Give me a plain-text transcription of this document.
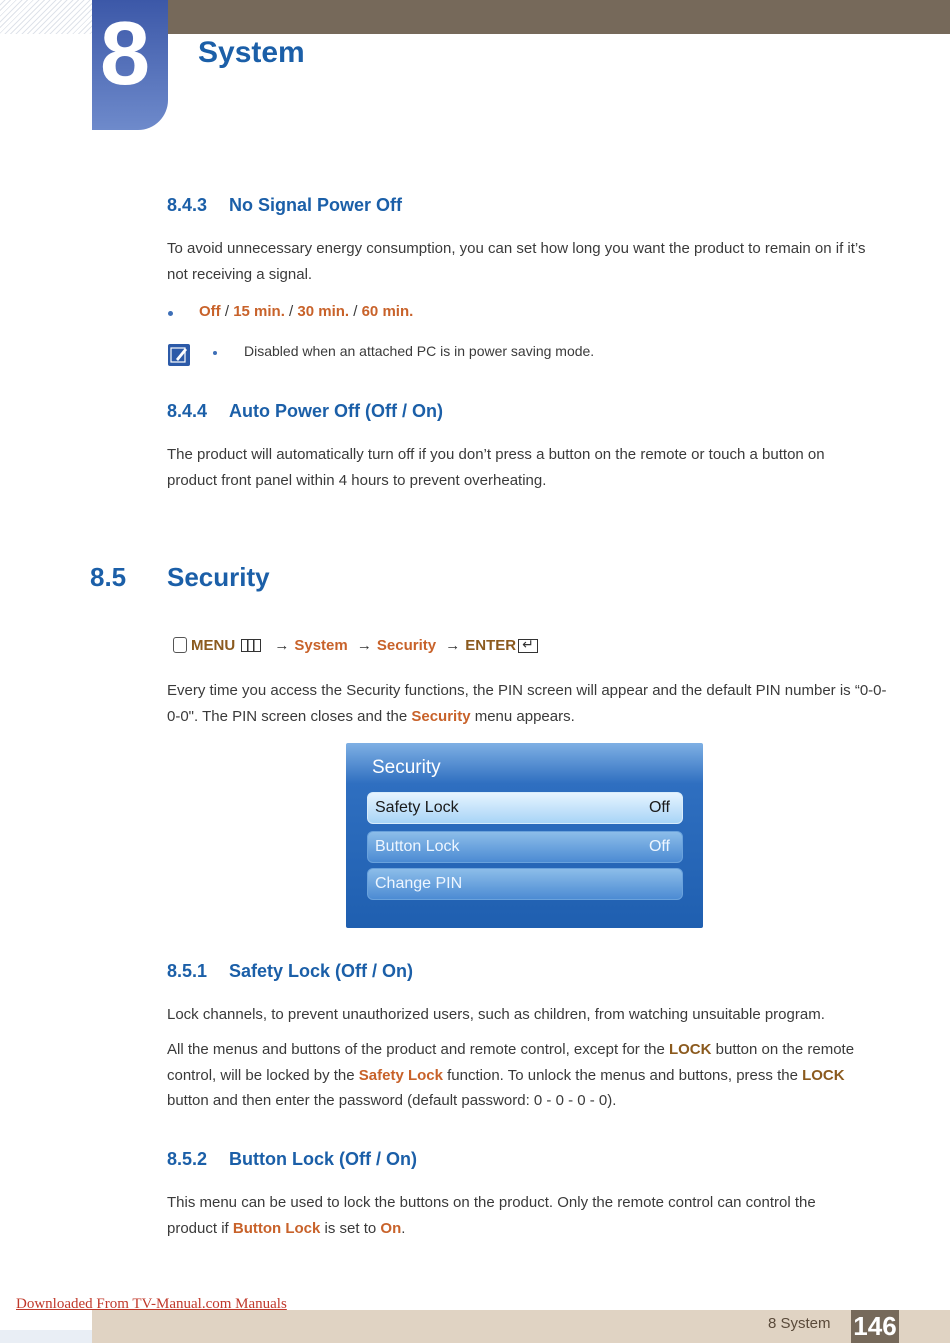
8 System
8.4.3 No Signal Power Off
To avoid unnecessary energy consumption, you can set how long you want the product to remain on if it’s not receiving a signal.
Off / 15 min. / 30 min. / 60 min.
Disabled when an attached PC is in power saving mode.
8.4.4 Auto Power Off (Off / On)
The product will automatically turn off if you don’t press a button on the remote or touch a button on product front panel within 4 hours to prevent overheating.
8.5 Security
MENU	→ System → Security → ENTER↵
Every time you access the Security functions, the PIN screen will appear and the default PIN number is “0-0-0-0". The PIN screen closes and the Security menu appears.
Security
Safety Lock	Off
Button Lock	Off
Change PIN
8.5.1 Safety Lock (Off / On)
Lock channels, to prevent unauthorized users, such as children, from watching unsuitable program.
All the menus and buttons of the product and remote control, except for the LOCK button on the remote control, will be locked by the Safety Lock function. To unlock the menus and buttons, press the LOCK button and then enter the password (default password: 0 - 0 - 0 - 0).
8.5.2 Button Lock (Off / On)
This menu can be used to lock the buttons on the product. Only the remote control can control the product if Button Lock is set to On.
Downloaded From TV-Manual.com Manuals
8 System 146
